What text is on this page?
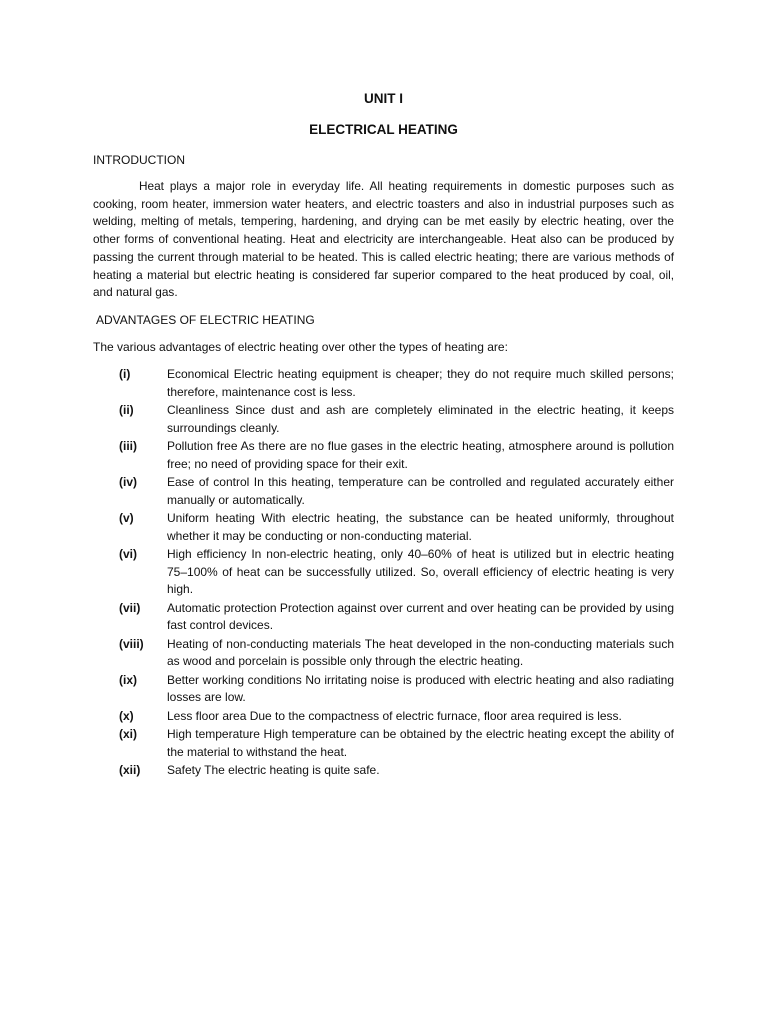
UNIT I
ELECTRICAL HEATING
INTRODUCTION

Heat plays a major role in everyday life. All heating requirements in domestic purposes such as cooking, room heater, immersion water heaters, and electric toasters and also in industrial purposes such as welding, melting of metals, tempering, hardening, and drying can be met easily by electric heating, over the other forms of conventional heating. Heat and electricity are interchangeable. Heat also can be produced by passing the current through material to be heated. This is called electric heating; there are various methods of heating a material but electric heating is considered far superior compared to the heat produced by coal, oil, and natural gas.

ADVANTAGES OF ELECTRIC HEATING
The various advantages of electric heating over other the types of heating are:
(i)	Economical Electric heating equipment is cheaper; they do not require much skilled persons; therefore, maintenance cost is less.
(ii)	Cleanliness Since dust and ash are completely eliminated in the electric heating, it keeps surroundings cleanly.
(iii)	Pollution free As there are no flue gases in the electric heating, atmosphere around is pollution free; no need of providing space for their exit.
(iv)	Ease of control In this heating, temperature can be controlled and regulated accurately either manually or automatically.
(v)	Uniform heating With electric heating, the substance can be heated uniformly, throughout whether it may be conducting or non-conducting material.
(vi)	High efficiency In non-electric heating, only 40–60% of heat is utilized but in electric heating 75–100% of heat can be successfully utilized. So, overall efficiency of electric heating is very high.
(vii)	Automatic protection Protection against over current and over heating can be provided by using fast control devices.
(viii)	Heating of non-conducting materials The heat developed in the non-conducting materials such as wood and porcelain is possible only through the electric heating.
(ix)	Better working conditions No irritating noise is produced with electric heating and also radiating losses are low.
(x)	Less floor area Due to the compactness of electric furnace, floor area required is less.
(xi)	High temperature High temperature can be obtained by the electric heating except the ability of the material to withstand the heat.
(xii)	Safety The electric heating is quite safe.
